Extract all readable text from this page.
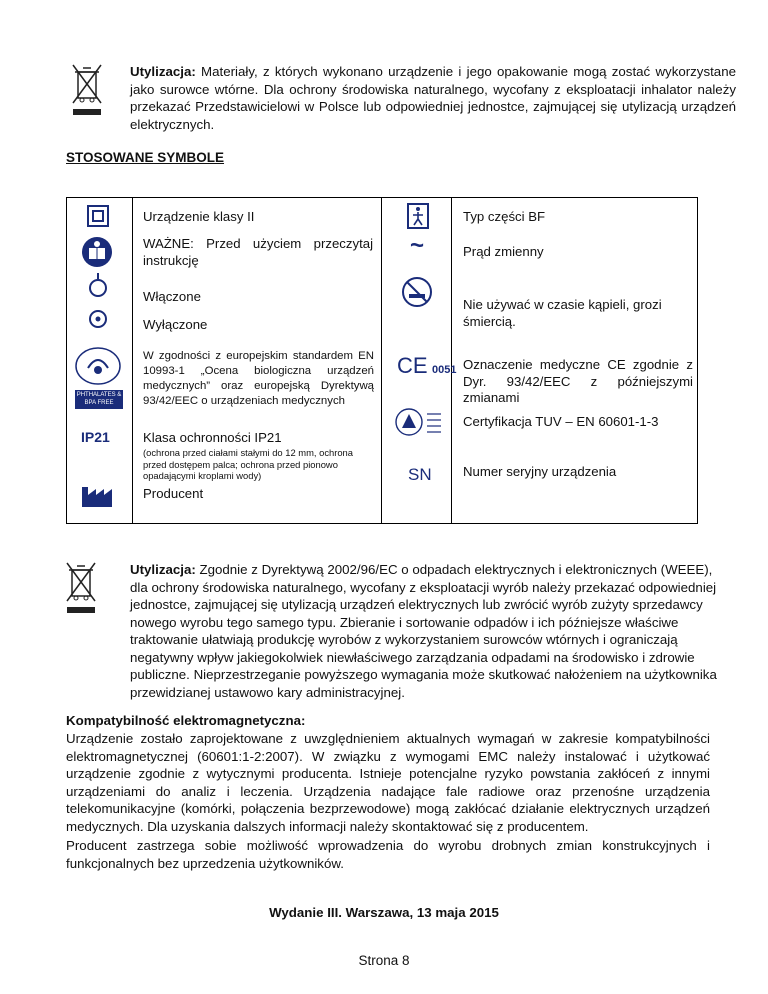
Utylizacja: Materiały, z których wykonano urządzenie i jego opakowanie mogą zostać wykorzystane jako surowce wtórne. Dla ochrony środowiska naturalnego, wycofany z eksploatacji inhalator należy przekazać Przedstawicielowi w Polsce lub odpowiedniej jednostce, zajmującej się utylizacją urządzeń elektrycznych.
STOSOWANE SYMBOLE
PHTHALATES & BPA FREE
IP21
Urządzenie klasy II
WAŻNE: Przed użyciem przeczytaj instrukcję
Włączone
Wyłączone
W zgodności z europejskim standardem EN 10993-1 „Ocena biologiczna urządzeń medycznych” oraz europejską Dyrektywą 93/42/EEC o urządzeniach medycznych
Klasa ochronności IP21
(ochrona przed ciałami stałymi do 12 mm, ochrona przed dostępem palca; ochrona przed pionowo opadającymi kroplami wody)
Producent
~
CE 0051
SN
Typ części BF
Prąd zmienny
Nie używać w czasie kąpieli, grozi śmiercią.
Oznaczenie medyczne CE zgodnie z Dyr. 93/42/EEC z późniejszymi zmianami
Certyfikacja TUV – EN 60601-1-3
Numer seryjny urządzenia
Utylizacja: Zgodnie z Dyrektywą 2002/96/EC o odpadach elektrycznych i elektronicznych (WEEE), dla ochrony środowiska naturalnego, wycofany z eksploatacji wyrób należy przekazać odpowiedniej jednostce, zajmującej się utylizacją urządzeń elektrycznych lub zwrócić wyrób zużyty sprzedawcy nowego wyrobu tego samego typu. Zbieranie i sortowanie odpadów i ich późniejsze właściwe traktowanie ułatwiają produkcję wyrobów z wykorzystaniem surowców wtórnych i ograniczają negatywny wpływ jakiegokolwiek niewłaściwego zarządzania odpadami na środowisko i zdrowie publiczne. Nieprzestrzeganie powyższego wymagania może skutkować nałożeniem na użytkownika przewidzianej ustawowo kary administracyjnej.
Kompatybilność elektromagnetyczna:
Urządzenie zostało zaprojektowane z uwzględnieniem aktualnych wymagań w zakresie kompatybilności elektromagnetycznej (60601:1-2:2007). W związku z wymogami EMC należy instalować i użytkować urządzenie zgodnie z wytycznymi producenta. Istnieje potencjalne ryzyko powstania zakłóceń z innymi urządzeniami do analiz i leczenia. Urządzenia nadające fale radiowe oraz przenośne urządzenia telekomunikacyjne (komórki, połączenia bezprzewodowe) mogą zakłócać działanie elektrycznych urządzeń medycznych. Dla uzyskania dalszych informacji należy skontaktować się z producentem.
Producent zastrzega sobie możliwość wprowadzenia do wyrobu drobnych zmian konstrukcyjnych i funkcjonalnych bez uprzedzenia użytkowników.
Wydanie III. Warszawa, 13 maja 2015
Strona 8
